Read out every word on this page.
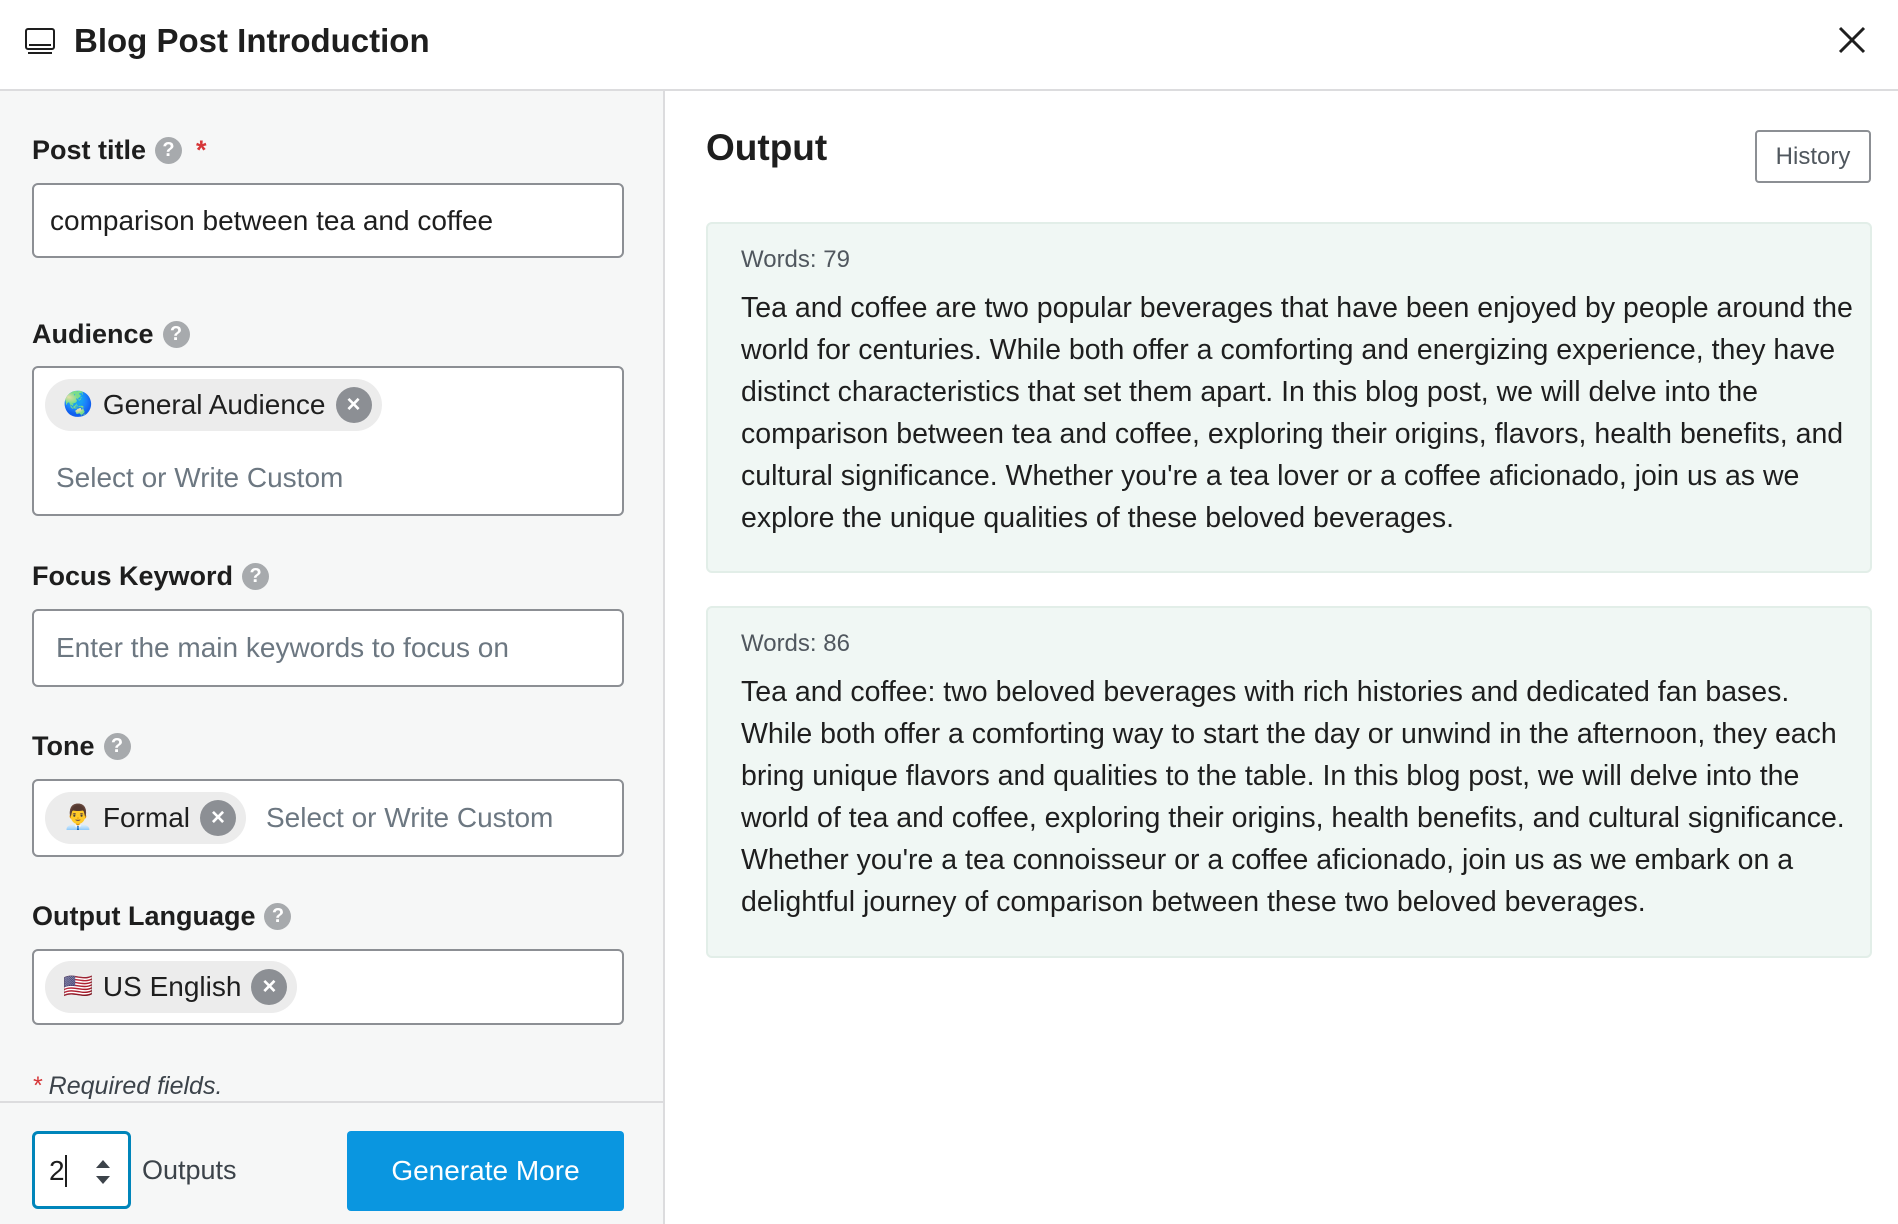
Blog Post Introduction
Post title ? *
comparison between tea and coffee
Audience ?
🌏 General Audience ×
Select or Write Custom
Focus Keyword ?
Enter the main keywords to focus on
Tone ?
👨‍💼 Formal ×	Select or Write Custom
Output Language ?
🇺🇸 US English ×
* Required fields.
2	Outputs	Generate More
Output	History
Words: 79
Tea and coffee are two popular beverages that have been enjoyed by people around the world for centuries. While both offer a comforting and energizing experience, they have distinct characteristics that set them apart. In this blog post, we will delve into the comparison between tea and coffee, exploring their origins, flavors, health benefits, and cultural significance. Whether you're a tea lover or a coffee aficionado, join us as we explore the unique qualities of these beloved beverages.
Words: 86
Tea and coffee: two beloved beverages with rich histories and dedicated fan bases. While both offer a comforting way to start the day or unwind in the afternoon, they each bring unique flavors and qualities to the table. In this blog post, we will delve into the world of tea and coffee, exploring their origins, health benefits, and cultural significance. Whether you're a tea connoisseur or a coffee aficionado, join us as we embark on a delightful journey of comparison between these two beloved beverages.
